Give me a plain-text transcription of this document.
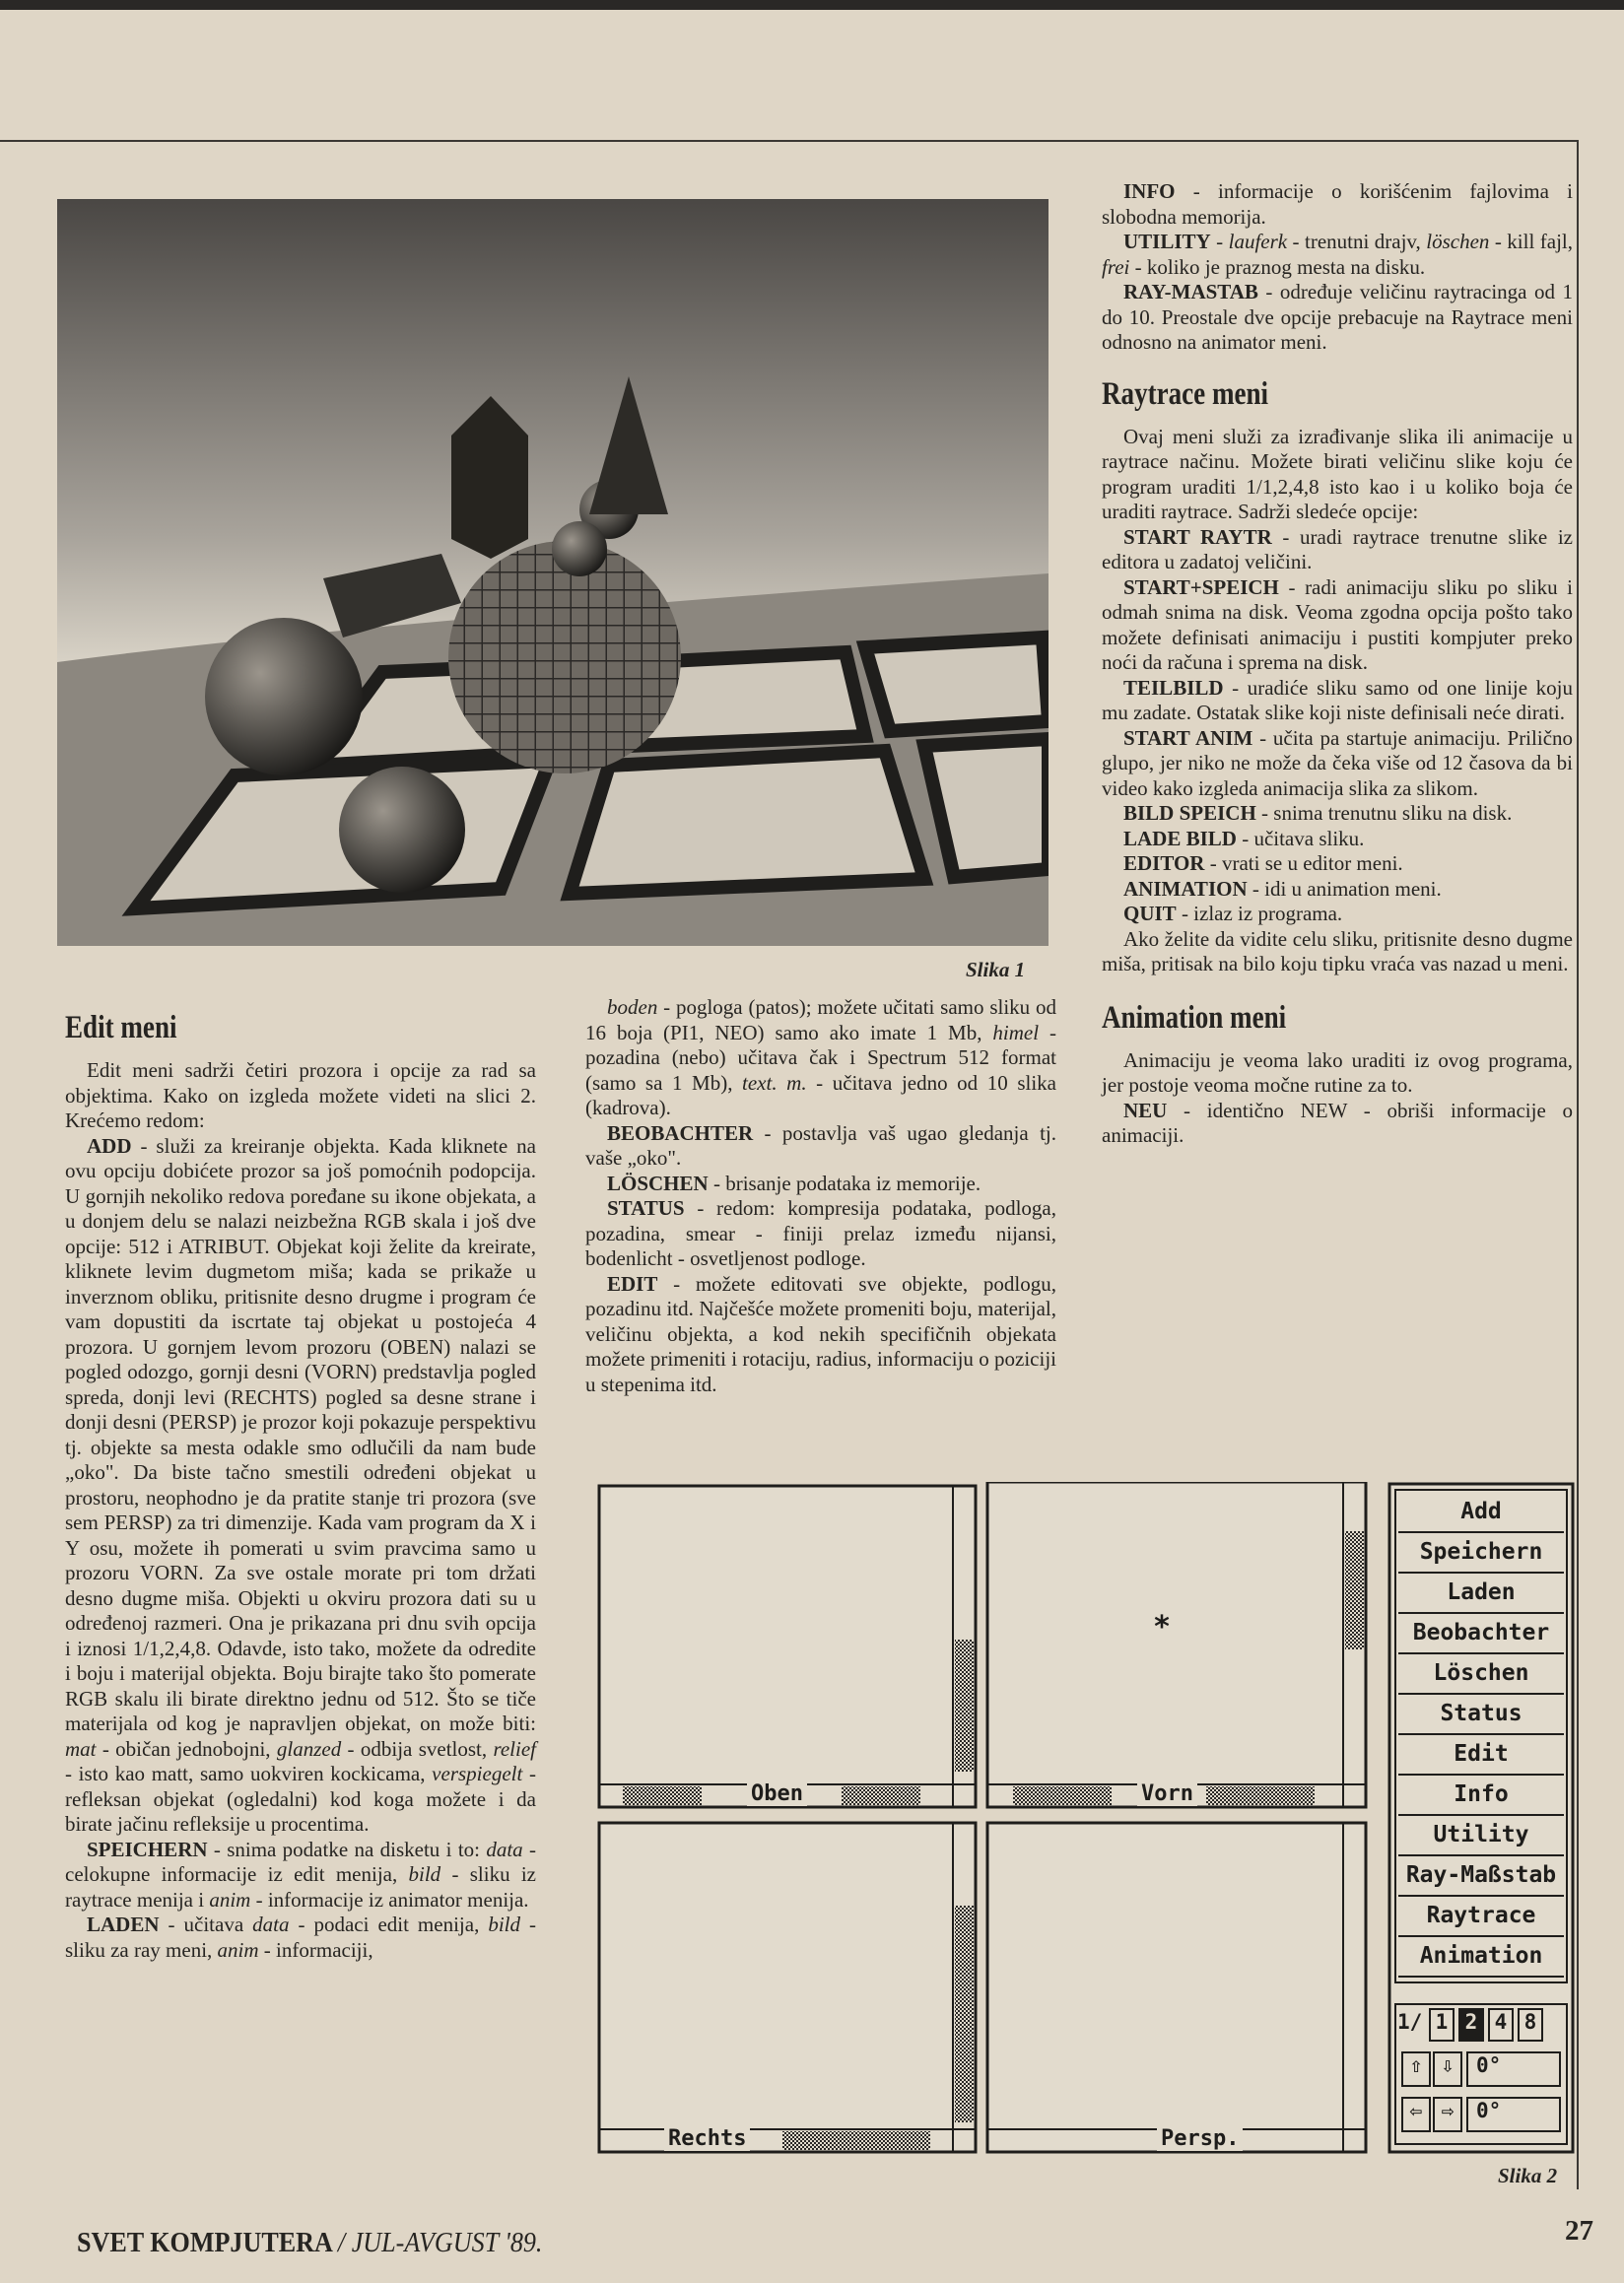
Slika 1
Edit meni

Edit meni sadrži četiri prozora i opcije za rad sa objektima. Kako on izgleda možete videti na slici 2. Krećemo redom:

ADD - služi za kreiranje objekta. Kada kliknete na ovu opciju dobićete prozor sa još pomoćnih podopcija. U gornjih nekoliko redova poređane su ikone objekata, a u donjem delu se nalazi neizbežna RGB skala i još dve opcije: 512 i ATRIBUT. Objekat koji želite da kreirate, kliknete levim dugmetom miša; kada se prikaže u inverznom obliku, pritisnite desno drugme i program će vam dopustiti da iscrtate taj objekat u postojeća 4 prozora. U gornjem levom prozoru (OBEN) nalazi se pogled odozgo, gornji desni (VORN) predstavlja pogled spreda, donji levi (RECHTS) pogled sa desne strane i donji desni (PERSP) je prozor koji pokazuje perspektivu tj. objekte sa mesta odakle smo odlučili da nam bude „oko". Da biste tačno smestili određeni objekat u prostoru, neophodno je da pratite stanje tri prozora (sve sem PERSP) za tri dimenzije. Kada vam program da X i Y osu, možete ih pomerati u svim pravcima samo u prozoru VORN. Za sve ostale morate pri tom držati desno dugme miša. Objekti u okviru prozora dati su u određenoj razmeri. Ona je prikazana pri dnu svih opcija i iznosi 1/1,2,4,8. Odavde, isto tako, možete da odredite i boju i materijal objekta. Boju birajte tako što pomerate RGB skalu ili birate direktno jednu od 512. Što se tiče materijala od kog je napravljen objekat, on može biti: mat - običan jednobojni, glanzed - odbija svetlost, relief - isto kao matt, samo uokviren kockicama, verspiegelt - refleksan objekat (ogledalni) kod koga možete i da birate jačinu refleksije u procentima.

SPEICHERN - snima podatke na disketu i to: data - celokupne informacije iz edit menija, bild - sliku iz raytrace menija i anim - informacije iz animator menija.

LADEN - učitava data - podaci edit menija, bild - sliku za ray meni, anim - informaciji,

boden - pogloga (patos); možete učitati samo sliku od 16 boja (PI1, NEO) samo ako imate 1 Mb, himel - pozadina (nebo) učitava čak i Spectrum 512 format (samo sa 1 Mb), text. m. - učitava jedno od 10 slika (kadrova).

BEOBACHTER - postavlja vaš ugao gledanja tj. vaše „oko".

LÖSCHEN - brisanje podataka iz memorije.

STATUS - redom: kompresija podataka, podloga, pozadina, smear - finiji prelaz između nijansi, bodenlicht - osvetljenost podloge.

EDIT - možete editovati sve objekte, podlogu, pozadinu itd. Najčešće možete promeniti boju, materijal, veličinu objekta, a kod nekih specifičnih objekata možete primeniti i rotaciju, radius, informaciju o poziciji u stepenima itd.

INFO - informacije o korišćenim fajlovima i slobodna memorija.

UTILITY - lauferk - trenutni drajv, löschen - kill fajl, frei - koliko je praznog mesta na disku.

RAY-MASTAB - određuje veličinu raytracinga od 1 do 10. Preostale dve opcije prebacuje na Raytrace meni odnosno na animator meni.

Raytrace meni

Ovaj meni služi za izrađivanje slika ili animacije u raytrace načinu. Možete birati veličinu slike koju će program uraditi 1/1,2,4,8 isto kao i u koliko boja će uraditi raytrace. Sadrži sledeće opcije:

START RAYTR - uradi raytrace trenutne slike iz editora u zadatoj veličini.

START+SPEICH - radi animaciju sliku po sliku i odmah snima na disk. Veoma zgodna opcija pošto tako možete definisati animaciju i pustiti kompjuter preko noći da računa i sprema na disk.

TEILBILD - uradiće sliku samo od one linije koju mu zadate. Ostatak slike koji niste definisali neće dirati.

START ANIM - učita pa startuje animaciju. Prilično glupo, jer niko ne može da čeka više od 12 časova da bi video kako izgleda animacija slika za slikom.

BILD SPEICH - snima trenutnu sliku na disk.

LADE BILD - učitava sliku.

EDITOR - vrati se u editor meni.

ANIMATION - idi u animation meni.

QUIT - izlaz iz programa.

Ako želite da vidite celu sliku, pritisnite desno dugme miša, pritisak na bilo koju tipku vraća vas nazad u meni.

Animation meni

Animaciju je veoma lako uraditi iz ovog programa, jer postoje veoma močne rutine za to.

NEU - identično NEW - obriši informacije o animaciji.

Oben	Vorn
Rechts	Persp.
*
Add
Speichern
Laden
Beobachter
Löschen
Status
Edit
Info
Utility
Ray-Maßstab
Raytrace
Animation
1/ 1 2 4 8
⇧ ⇩	0°
⇦ ⇨	0°
Slika 2
SVET KOMPJUTERA / JUL-AVGUST '89.	27
